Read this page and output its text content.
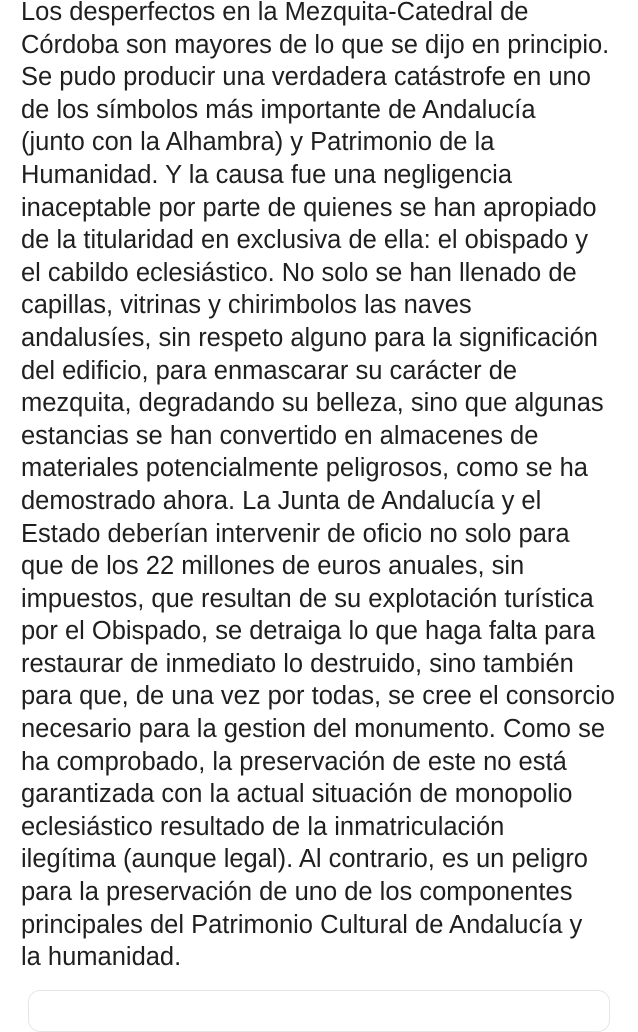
Los desperfectos en la Mezquita-Catedral de
Córdoba son mayores de lo que se dijo en principio.
Se pudo producir una verdadera catástrofe en uno
de los símbolos más importante de Andalucía
(junto con la Alhambra) y Patrimonio de la
Humanidad. Y la causa fue una negligencia
inaceptable por parte de quienes se han apropiado
de la titularidad en exclusiva de ella: el obispado y
el cabildo eclesiástico. No solo se han llenado de
capillas, vitrinas y chirimbolos las naves
andalusíes, sin respeto alguno para la significación
del edificio, para enmascarar su carácter de
mezquita, degradando su belleza, sino que algunas
estancias se han convertido en almacenes de
materiales potencialmente peligrosos, como se ha
demostrado ahora. La Junta de Andalucía y el
Estado deberían intervenir de oficio no solo para
que de los 22 millones de euros anuales, sin
impuestos, que resultan de su explotación turística
por el Obispado, se detraiga lo que haga falta para
restaurar de inmediato lo destruido, sino también
para que, de una vez por todas, se cree el consorcio
necesario para la gestion del monumento. Como se
ha comprobado, la preservación de este no está
garantizada con la actual situación de monopolio
eclesiástico resultado de la inmatriculación
ilegítima (aunque legal). Al contrario, es un peligro
para la preservación de uno de los componentes
principales del Patrimonio Cultural de Andalucía y
la humanidad.
